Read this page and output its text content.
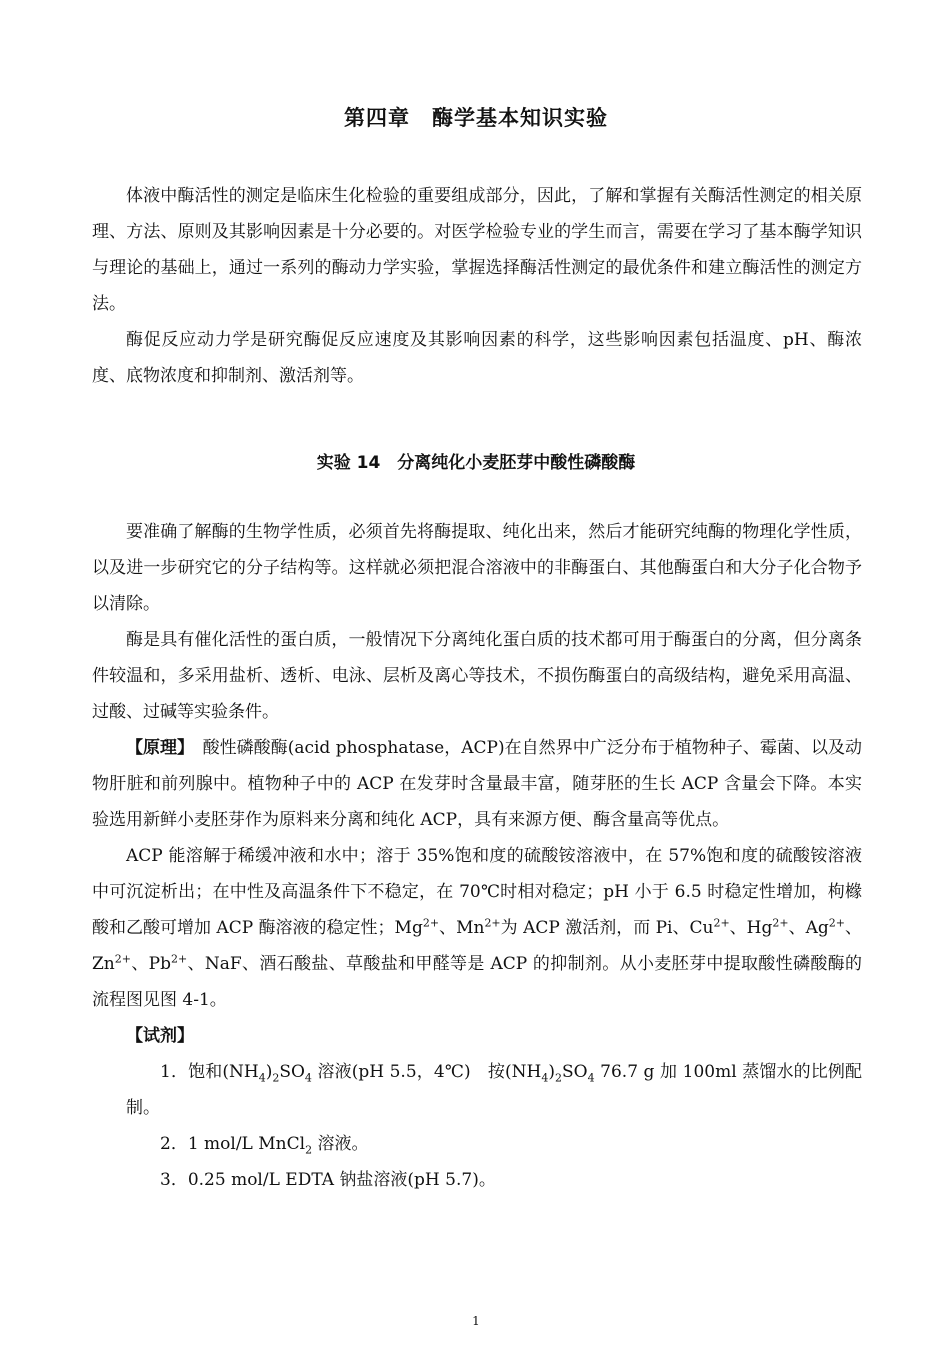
第四章　酶学基本知识实验

体液中酶活性的测定是临床生化检验的重要组成部分，因此，了解和掌握有关酶活性测定的相关原理、方法、原则及其影响因素是十分必要的。对医学检验专业的学生而言，需要在学习了基本酶学知识与理论的基础上，通过一系列的酶动力学实验，掌握选择酶活性测定的最优条件和建立酶活性的测定方法。

酶促反应动力学是研究酶促反应速度及其影响因素的科学，这些影响因素包括温度、pH、酶浓度、底物浓度和抑制剂、激活剂等。

实验 14　分离纯化小麦胚芽中酸性磷酸酶

要准确了解酶的生物学性质，必须首先将酶提取、纯化出来，然后才能研究纯酶的物理化学性质，以及进一步研究它的分子结构等。这样就必须把混合溶液中的非酶蛋白、其他酶蛋白和大分子化合物予以清除。

酶是具有催化活性的蛋白质，一般情况下分离纯化蛋白质的技术都可用于酶蛋白的分离，但分离条件较温和，多采用盐析、透析、电泳、层析及离心等技术，不损伤酶蛋白的高级结构，避免采用高温、过酸、过碱等实验条件。

【原理】　酸性磷酸酶(acid phosphatase，ACP)在自然界中广泛分布于植物种子、霉菌、以及动物肝脏和前列腺中。植物种子中的 ACP 在发芽时含量最丰富，随芽胚的生长 ACP 含量会下降。本实验选用新鲜小麦胚芽作为原料来分离和纯化 ACP，具有来源方便、酶含量高等优点。

ACP 能溶解于稀缓冲液和水中；溶于 35%饱和度的硫酸铵溶液中，在 57%饱和度的硫酸铵溶液中可沉淀析出；在中性及高温条件下不稳定，在 70℃时相对稳定；pH 小于 6.5 时稳定性增加，枸橼酸和乙酸可增加 ACP 酶溶液的稳定性；$Mg^{2+}$、$Mn^{2+}$为 ACP 激活剂，而 Pi、$Cu^{2+}$、$Hg^{2+}$、$Ag^{2+}$、$Zn^{2+}$、$Pb^{2+}$、NaF、酒石酸盐、草酸盐和甲醛等是 ACP 的抑制剂。从小麦胚芽中提取酸性磷酸酶的流程图见图 4-1。

【试剂】

1．饱和$(NH_4)_2SO_4$ 溶液(pH 5.5，4℃)　按$(NH_4)_2SO_4$ 76.7 g 加 100ml 蒸馏水的比例配制。

2．1 mol/L MnCl$_2$ 溶液。

3．0.25 mol/L EDTA 钠盐溶液(pH 5.7)。

1
